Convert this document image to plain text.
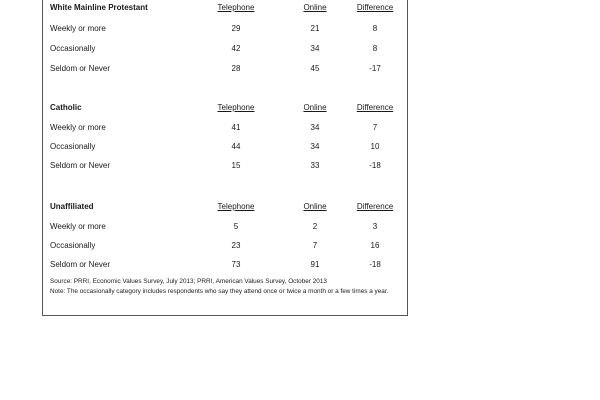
White Mainline Protestant	Telephone	Online	Difference
Weekly or more	29	21	8
Occasionally	42	34	8
Seldom or Never	28	45	-17
Catholic	Telephone	Online	Difference
Weekly or more	41	34	7
Occasionally	44	34	10
Seldom or Never	15	33	-18
Unaffiliated	Telephone	Online	Difference
Weekly or more	5	2	3
Occasionally	23	7	16
Seldom or Never	73	91	-18
Source: PRRI, Economic Values Survey, July 2013; PRRI, American Values Survey, October 2013
Note: The occasionally category includes respondents who say they attend once or twice a month or a few times a year.
